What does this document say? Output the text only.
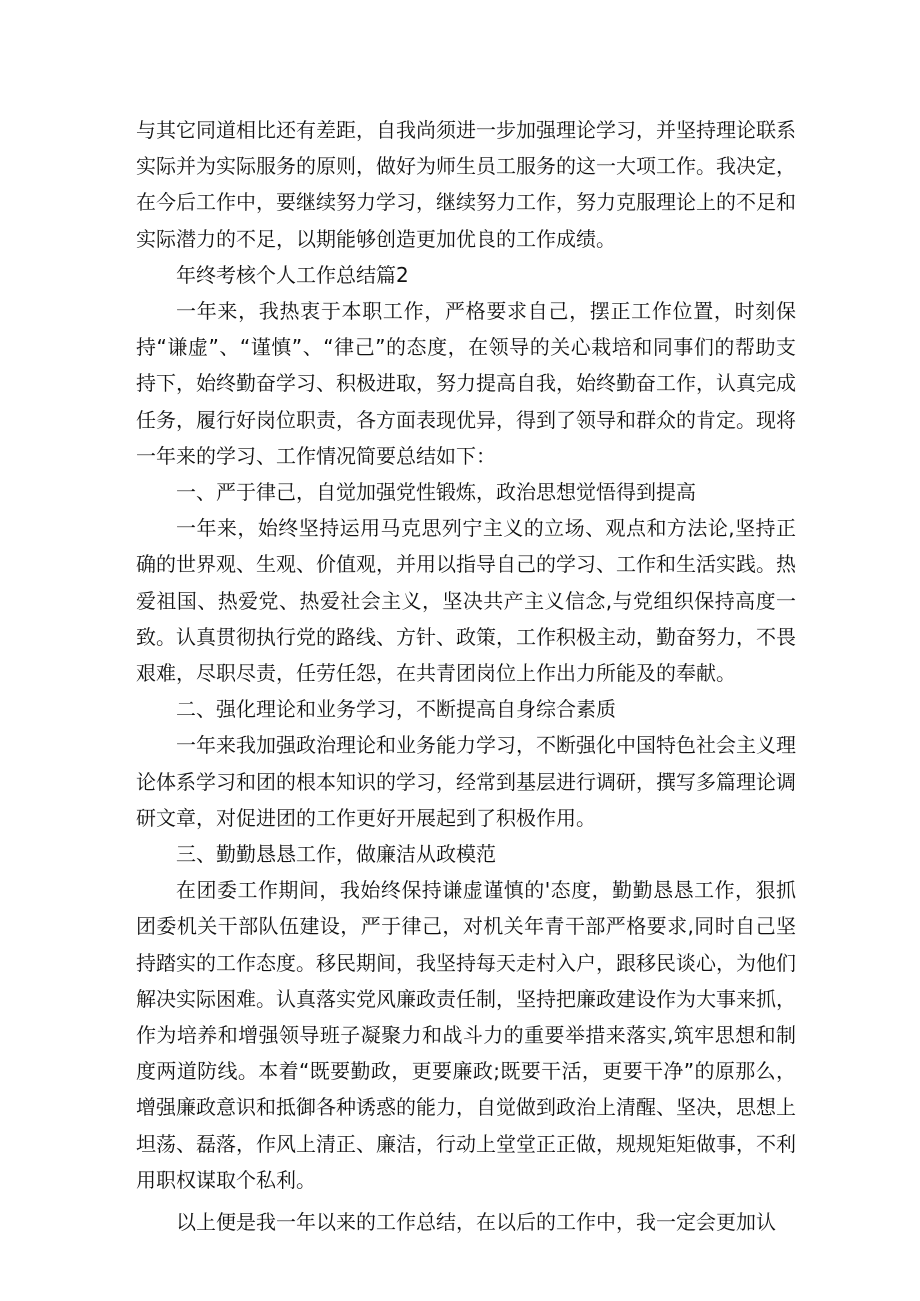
与其它同道相比还有差距，自我尚须进一步加强理论学习，并坚持理论联系实际并为实际服务的原则，做好为师生员工服务的这一大项工作。我决定，在今后工作中，要继续努力学习，继续努力工作，努力克服理论上的不足和实际潜力的不足，以期能够创造更加优良的工作成绩。

年终考核个人工作总结篇2

一年来，我热衷于本职工作，严格要求自己，摆正工作位置，时刻保持“谦虚”、“谨慎”、“律己”的态度，在领导的关心栽培和同事们的帮助支持下，始终勤奋学习、积极进取，努力提高自我，始终勤奋工作，认真完成任务，履行好岗位职责，各方面表现优异，得到了领导和群众的肯定。现将一年来的学习、工作情况简要总结如下：

一、严于律己，自觉加强党性锻炼，政治思想觉悟得到提高

一年来，始终坚持运用马克思列宁主义的立场、观点和方法论,坚持正确的世界观、生观、价值观，并用以指导自己的学习、工作和生活实践。热爱祖国、热爱党、热爱社会主义，坚决共产主义信念,与党组织保持高度一致。认真贯彻执行党的路线、方针、政策，工作积极主动，勤奋努力，不畏艰难，尽职尽责，任劳任怨，在共青团岗位上作出力所能及的奉献。

二、强化理论和业务学习，不断提高自身综合素质

一年来我加强政治理论和业务能力学习，不断强化中国特色社会主义理论体系学习和团的根本知识的学习，经常到基层进行调研，撰写多篇理论调研文章，对促进团的工作更好开展起到了积极作用。

三、勤勤恳恳工作，做廉洁从政模范

在团委工作期间，我始终保持谦虚谨慎的'态度，勤勤恳恳工作，狠抓团委机关干部队伍建设，严于律己，对机关年青干部严格要求,同时自己坚持踏实的工作态度。移民期间，我坚持每天走村入户，跟移民谈心，为他们解决实际困难。认真落实党风廉政责任制，坚持把廉政建设作为大事来抓，作为培养和增强领导班子凝聚力和战斗力的重要举措来落实,筑牢思想和制度两道防线。本着“既要勤政，更要廉政;既要干活，更要干净”的原那么，增强廉政意识和抵御各种诱惑的能力，自觉做到政治上清醒、坚决，思想上坦荡、磊落，作风上清正、廉洁，行动上堂堂正正做，规规矩矩做事，不利用职权谋取个私利。

以上便是我一年以来的工作总结，在以后的工作中，我一定会更加认
